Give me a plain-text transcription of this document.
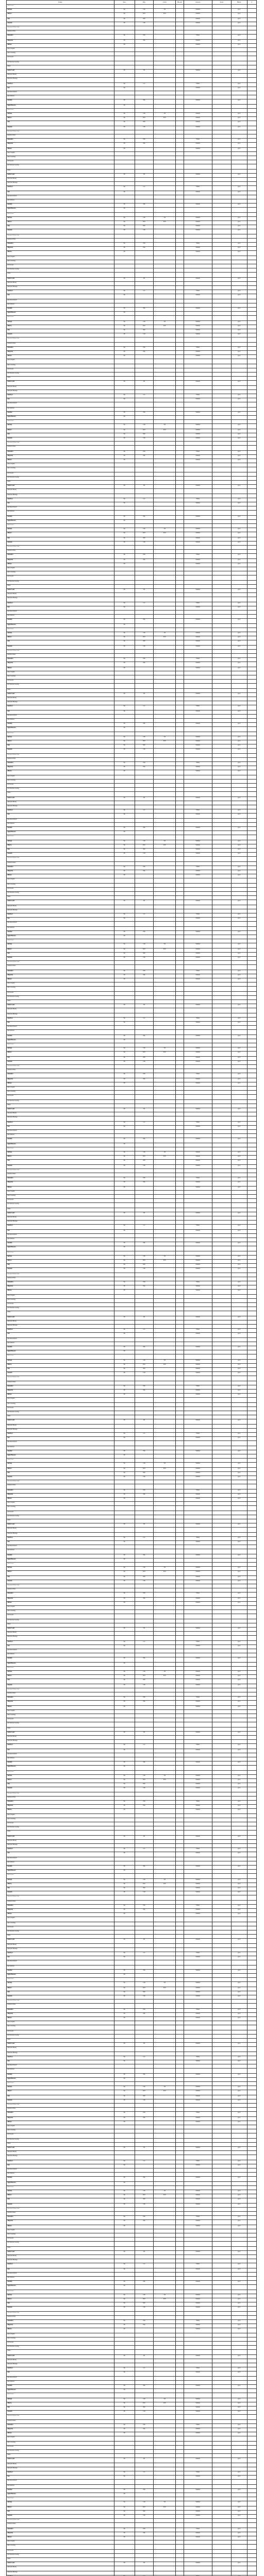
Name	Size	Hgt	Color	Bloom	Season	Zone	Hardy	#
Abbie Forest								
Adriana	Sm	Crm	Yel		Summer		good	
Alberta	Sm	Ptch	Ptch		Summer		good	
Alex	Sm	Mrn			Summer		good	
Amanda	Ml	Crm			Summer		good	
Alexander Wallace Seed								
Alabama Wmel								
Alexandra	Sm	Wht			Winter		good	
Allegretta	Ml	Pnk			Summer		good	
Alliston	Ml				Summer		good	
Alice Chaplin								
Alice Greening								
All Seasons								
All Varieties Growing								
Allure								
Amber Gold	Ml	Yel			Summer		good	
American Beauty								
American Heritage								
Amethyst	Sm	Lav			Winter		good	
Ann	Sm				Summer		good	
Ann Dean Nuttall								
Ann Sullivan								
Annabel	Ml	Pnk			Summer		good	
Apple Blossom	Ml							
Abbie Forest								
Adriana	Sm	Crm	Yel		Summer		good	
Alberta	Sm	Ptch	Ptch		Summer		good	
Alex	Sm	Mrn			Summer		good	
Amanda	Ml	Crm			Summer		good	
Alexander Wallace Seed								
Alabama Wmel								
Alexandra	Sm	Wht			Winter		good	
Allegretta	Ml	Pnk			Summer		good	
Alliston	Ml				Summer		good	
Alice Chaplin								
Alice Greening								
All Seasons								
All Varieties Growing								
Allure								
Amber Gold	Ml	Yel			Summer		good	
American Beauty								
American Heritage								
Amethyst	Sm	Lav			Winter		good	
Ann	Sm				Summer		good	
Ann Dean Nuttall								
Ann Sullivan								
Annabel	Ml	Pnk			Summer		good	
Apple Blossom	Ml							
Abbie Forest								
Adriana	Sm	Crm	Yel		Summer		good	
Alberta	Sm	Ptch	Ptch		Summer		good	
Alex	Sm	Mrn			Summer		good	
Amanda	Ml	Crm			Summer		good	
Alexander Wallace Seed								
Alabama Wmel								
Alexandra	Sm	Wht			Winter		good	
Allegretta	Ml	Pnk			Summer		good	
Alliston	Ml				Summer		good	
Alice Chaplin								
Alice Greening								
All Seasons								
All Varieties Growing								
Allure								
Amber Gold	Ml	Yel			Summer		good	
American Beauty								
American Heritage								
Amethyst	Sm	Lav			Winter		good	
Ann	Sm				Summer		good	
Ann Dean Nuttall								
Ann Sullivan								
Annabel	Ml	Pnk			Summer		good	
Apple Blossom	Ml							
Abbie Forest								
Adriana	Sm	Crm	Yel		Summer		good	
Alberta	Sm	Ptch	Ptch		Summer		good	
Alex	Sm	Mrn			Summer		good	
Amanda	Ml	Crm			Summer		good	
Alexander Wallace Seed								
Alabama Wmel								
Alexandra	Sm	Wht			Winter		good	
Allegretta	Ml	Pnk			Summer		good	
Alliston	Ml				Summer		good	
Alice Chaplin								
Alice Greening								
All Seasons								
All Varieties Growing								
Allure								
Amber Gold	Ml	Yel			Summer		good	
American Beauty								
American Heritage								
Amethyst	Sm	Lav			Winter		good	
Ann	Sm				Summer		good	
Ann Dean Nuttall								
Ann Sullivan								
Annabel	Ml	Pnk			Summer		good	
Apple Blossom	Ml							
Abbie Forest								
Adriana	Sm	Crm	Yel		Summer		good	
Alberta	Sm	Ptch	Ptch		Summer		good	
Alex	Sm	Mrn			Summer		good	
Amanda	Ml	Crm			Summer		good	
Alexander Wallace Seed								
Alabama Wmel								
Alexandra	Sm	Wht			Winter		good	
Allegretta	Ml	Pnk			Summer		good	
Alliston	Ml				Summer		good	
Alice Chaplin								
Alice Greening								
All Seasons								
All Varieties Growing								
Allure								
Amber Gold	Ml	Yel			Summer		good	
American Beauty								
American Heritage								
Amethyst	Sm	Lav			Winter		good	
Ann	Sm				Summer		good	
Ann Dean Nuttall								
Ann Sullivan								
Annabel	Ml	Pnk			Summer		good	
Apple Blossom	Ml							
Abbie Forest								
Adriana	Sm	Crm	Yel		Summer		good	
Alberta	Sm	Ptch	Ptch		Summer		good	
Alex	Sm	Mrn			Summer		good	
Amanda	Ml	Crm			Summer		good	
Alexander Wallace Seed								
Alabama Wmel								
Alexandra	Sm	Wht			Winter		good	
Allegretta	Ml	Pnk			Summer		good	
Alliston	Ml				Summer		good	
Alice Chaplin								
Alice Greening								
All Seasons								
All Varieties Growing								
Allure								
Amber Gold	Ml	Yel			Summer		good	
American Beauty								
American Heritage								
Amethyst	Sm	Lav			Winter		good	
Ann	Sm				Summer		good	
Ann Dean Nuttall								
Ann Sullivan								
Annabel	Ml	Pnk			Summer		good	
Apple Blossom	Ml							
Abbie Forest								
Adriana	Sm	Crm	Yel		Summer		good	
Alberta	Sm	Ptch	Ptch		Summer		good	
Alex	Sm	Mrn			Summer		good	
Amanda	Ml	Crm			Summer		good	
Alexander Wallace Seed								
Alabama Wmel								
Alexandra	Sm	Wht			Winter		good	
Allegretta	Ml	Pnk			Summer		good	
Alliston	Ml				Summer		good	
Alice Chaplin								
Alice Greening								
All Seasons								
All Varieties Growing								
Allure								
Amber Gold	Ml	Yel			Summer		good	
American Beauty								
American Heritage								
Amethyst	Sm	Lav			Winter		good	
Ann	Sm				Summer		good	
Ann Dean Nuttall								
Ann Sullivan								
Annabel	Ml	Pnk			Summer		good	
Apple Blossom	Ml							
Abbie Forest								
Adriana	Sm	Crm	Yel		Summer		good	
Alberta	Sm	Ptch	Ptch		Summer		good	
Alex	Sm	Mrn			Summer		good	
Amanda	Ml	Crm			Summer		good	
Alexander Wallace Seed								
Alabama Wmel								
Alexandra	Sm	Wht			Winter		good	
Allegretta	Ml	Pnk			Summer		good	
Alliston	Ml				Summer		good	
Alice Chaplin								
Alice Greening								
All Seasons								
All Varieties Growing								
Allure								
Amber Gold	Ml	Yel			Summer		good	
American Beauty								
American Heritage								
Amethyst	Sm	Lav			Winter		good	
Ann	Sm				Summer		good	
Ann Dean Nuttall								
Ann Sullivan								
Annabel	Ml	Pnk			Summer		good	
Apple Blossom	Ml							
Abbie Forest								
Adriana	Sm	Crm	Yel		Summer		good	
Alberta	Sm	Ptch	Ptch		Summer		good	
Alex	Sm	Mrn			Summer		good	
Amanda	Ml	Crm			Summer		good	
Alexander Wallace Seed								
Alabama Wmel								
Alexandra	Sm	Wht			Winter		good	
Allegretta	Ml	Pnk			Summer		good	
Alliston	Ml				Summer		good	
Alice Chaplin								
Alice Greening								
All Seasons								
All Varieties Growing								
Allure								
Amber Gold	Ml	Yel			Summer		good	
American Beauty								
American Heritage								
Amethyst	Sm	Lav			Winter		good	
Ann	Sm				Summer		good	
Ann Dean Nuttall								
Ann Sullivan								
Annabel	Ml	Pnk			Summer		good	
Apple Blossom	Ml							
Abbie Forest								
Adriana	Sm	Crm	Yel		Summer		good	
Alberta	Sm	Ptch	Ptch		Summer		good	
Alex	Sm	Mrn			Summer		good	
Amanda	Ml	Crm			Summer		good	
Alexander Wallace Seed								
Alabama Wmel								
Alexandra	Sm	Wht			Winter		good	
Allegretta	Ml	Pnk			Summer		good	
Alliston	Ml				Summer		good	
Alice Chaplin								
Alice Greening								
All Seasons								
All Varieties Growing								
Allure								
Amber Gold	Ml	Yel			Summer		good	
American Beauty								
American Heritage								
Amethyst	Sm	Lav			Winter		good	
Ann	Sm				Summer		good	
Ann Dean Nuttall								
Ann Sullivan								
Annabel	Ml	Pnk			Summer		good	
Apple Blossom	Ml							
Abbie Forest								
Adriana	Sm	Crm	Yel		Summer		good	
Alberta	Sm	Ptch	Ptch		Summer		good	
Alex	Sm	Mrn			Summer		good	
Amanda	Ml	Crm			Summer		good	
Alexander Wallace Seed								
Alabama Wmel								
Alexandra	Sm	Wht			Winter		good	
Allegretta	Ml	Pnk			Summer		good	
Alliston	Ml				Summer		good	
Alice Chaplin								
Alice Greening								
All Seasons								
All Varieties Growing								
Allure								
Amber Gold	Ml	Yel			Summer		good	
American Beauty								
American Heritage								
Amethyst	Sm	Lav			Winter		good	
Ann	Sm				Summer		good	
Ann Dean Nuttall								
Ann Sullivan								
Annabel	Ml	Pnk			Summer		good	
Apple Blossom	Ml							
Abbie Forest								
Adriana	Sm	Crm	Yel		Summer		good	
Alberta	Sm	Ptch	Ptch		Summer		good	
Alex	Sm	Mrn			Summer		good	
Amanda	Ml	Crm			Summer		good	
Alexander Wallace Seed								
Alabama Wmel								
Alexandra	Sm	Wht			Winter		good	
Allegretta	Ml	Pnk			Summer		good	
Alliston	Ml				Summer		good	
Alice Chaplin								
Alice Greening								
All Seasons								
All Varieties Growing								
Allure								
Amber Gold	Ml	Yel			Summer		good	
American Beauty								
American Heritage								
Amethyst	Sm	Lav			Winter		good	
Ann	Sm				Summer		good	
Ann Dean Nuttall								
Ann Sullivan								
Annabel	Ml	Pnk			Summer		good	
Apple Blossom	Ml							
Abbie Forest								
Adriana	Sm	Crm	Yel		Summer		good	
Alberta	Sm	Ptch	Ptch		Summer		good	
Alex	Sm	Mrn			Summer		good	
Amanda	Ml	Crm			Summer		good	
Alexander Wallace Seed								
Alabama Wmel								
Alexandra	Sm	Wht			Winter		good	
Allegretta	Ml	Pnk			Summer		good	
Alliston	Ml				Summer		good	
Alice Chaplin								
Alice Greening								
All Seasons								
All Varieties Growing								
Allure								
Amber Gold	Ml	Yel			Summer		good	
American Beauty								
American Heritage								
Amethyst	Sm	Lav			Winter		good	
Ann	Sm				Summer		good	
Ann Dean Nuttall								
Ann Sullivan								
Annabel	Ml	Pnk			Summer		good	
Apple Blossom	Ml							
Abbie Forest								
Adriana	Sm	Crm	Yel		Summer		good	
Alberta	Sm	Ptch	Ptch		Summer		good	
Alex	Sm	Mrn			Summer		good	
Amanda	Ml	Crm			Summer		good	
Alexander Wallace Seed								
Alabama Wmel								
Alexandra	Sm	Wht			Winter		good	
Allegretta	Ml	Pnk			Summer		good	
Alliston	Ml				Summer		good	
Alice Chaplin								
Alice Greening								
All Seasons								
All Varieties Growing								
Allure								
Amber Gold	Ml	Yel			Summer		good	
American Beauty								
American Heritage								
Amethyst	Sm	Lav			Winter		good	
Ann	Sm				Summer		good	
Ann Dean Nuttall								
Ann Sullivan								
Annabel	Ml	Pnk			Summer		good	
Apple Blossom	Ml							
Abbie Forest								
Adriana	Sm	Crm	Yel		Summer		good	
Alberta	Sm	Ptch	Ptch		Summer		good	
Alex	Sm	Mrn			Summer		good	
Amanda	Ml	Crm			Summer		good	
Alexander Wallace Seed								
Alabama Wmel								
Alexandra	Sm	Wht			Winter		good	
Allegretta	Ml	Pnk			Summer		good	
Alliston	Ml				Summer		good	
Alice Chaplin								
Alice Greening								
All Seasons								
All Varieties Growing								
Allure								
Amber Gold	Ml	Yel			Summer		good	
American Beauty								
American Heritage								
Amethyst	Sm	Lav			Winter		good	
Ann	Sm				Summer		good	
Ann Dean Nuttall								
Ann Sullivan								
Annabel	Ml	Pnk			Summer		good	
Apple Blossom	Ml							
Abbie Forest								
Adriana	Sm	Crm	Yel		Summer		good	
Alberta	Sm	Ptch	Ptch		Summer		good	
Alex	Sm	Mrn			Summer		good	
Amanda	Ml	Crm			Summer		good	
Alexander Wallace Seed								
Alabama Wmel								
Alexandra	Sm	Wht			Winter		good	
Allegretta	Ml	Pnk			Summer		good	
Alliston	Ml				Summer		good	
Alice Chaplin								
Alice Greening								
All Seasons								
All Varieties Growing								
Allure								
Amber Gold	Ml	Yel			Summer		good	
American Beauty								
American Heritage								
Amethyst	Sm	Lav			Winter		good	
Ann	Sm				Summer		good	
Ann Dean Nuttall								
Ann Sullivan								
Annabel	Ml	Pnk			Summer		good	
Apple Blossom	Ml							
Abbie Forest								
Adriana	Sm	Crm	Yel		Summer		good	
Alberta	Sm	Ptch	Ptch		Summer		good	
Alex	Sm	Mrn			Summer		good	
Amanda	Ml	Crm			Summer		good	
Alexander Wallace Seed								
Alabama Wmel								
Alexandra	Sm	Wht			Winter		good	
Allegretta	Ml	Pnk			Summer		good	
Alliston	Ml				Summer		good	
Alice Chaplin								
Alice Greening								
All Seasons								
All Varieties Growing								
Allure								
Amber Gold	Ml	Yel			Summer		good	
American Beauty								
American Heritage								
Amethyst	Sm	Lav			Winter		good	
Ann	Sm				Summer		good	
Ann Dean Nuttall								
Ann Sullivan								
Annabel	Ml	Pnk			Summer		good	
Apple Blossom	Ml							
Abbie Forest								
Adriana	Sm	Crm	Yel		Summer		good	
Alberta	Sm	Ptch	Ptch		Summer		good	
Alex	Sm	Mrn			Summer		good	
Amanda	Ml	Crm			Summer		good	
Alexander Wallace Seed								
Alabama Wmel								
Alexandra	Sm	Wht			Winter		good	
Allegretta	Ml	Pnk			Summer		good	
Alliston	Ml				Summer		good	
Alice Chaplin								
Alice Greening								
All Seasons								
All Varieties Growing								
Allure								
Amber Gold	Ml	Yel			Summer		good	
American Beauty								
American Heritage								
Amethyst	Sm	Lav			Winter		good	
Ann	Sm				Summer		good	
Ann Dean Nuttall								
Ann Sullivan								
Annabel	Ml	Pnk			Summer		good	
Apple Blossom	Ml							
Abbie Forest								
Adriana	Sm	Crm	Yel		Summer		good	
Alberta	Sm	Ptch	Ptch		Summer		good	
Alex	Sm	Mrn			Summer		good	
Amanda	Ml	Crm			Summer		good	
Alexander Wallace Seed								
Alabama Wmel								
Alexandra	Sm	Wht			Winter		good	
Allegretta	Ml	Pnk			Summer		good	
Alliston	Ml				Summer		good	
Alice Chaplin								
Alice Greening								
All Seasons								
All Varieties Growing								
Allure								
Amber Gold	Ml	Yel			Summer		good	
American Beauty								
American Heritage								
Amethyst	Sm	Lav			Winter		good	
Ann	Sm				Summer		good	
Ann Dean Nuttall								
Ann Sullivan								
Annabel	Ml	Pnk			Summer		good	
Apple Blossom	Ml							
Abbie Forest								
Adriana	Sm	Crm	Yel		Summer		good	
Alberta	Sm	Ptch	Ptch		Summer		good	
Alex	Sm	Mrn			Summer		good	
Amanda	Ml	Crm			Summer		good	
Alexander Wallace Seed								
Alabama Wmel								
Alexandra	Sm	Wht			Winter		good	
Allegretta	Ml	Pnk			Summer		good	
Alliston	Ml				Summer		good	
Alice Chaplin								
Alice Greening								
All Seasons								
All Varieties Growing								
Allure								
Amber Gold	Ml	Yel			Summer		good	
American Beauty								
American Heritage								
Amethyst	Sm	Lav			Winter		good	
Ann	Sm				Summer		good	
Ann Dean Nuttall								
Ann Sullivan								
Annabel	Ml	Pnk			Summer		good	
Apple Blossom	Ml							
Abbie Forest								
Adriana	Sm	Crm	Yel		Summer		good	
Alberta	Sm	Ptch	Ptch		Summer		good	
Alex	Sm	Mrn			Summer		good	
Amanda	Ml	Crm			Summer		good	
Alexander Wallace Seed								
Alabama Wmel								
Alexandra	Sm	Wht			Winter		good	
Allegretta	Ml	Pnk			Summer		good	
Alliston	Ml				Summer		good	
Alice Chaplin								
Alice Greening								
All Seasons								
All Varieties Growing								
Allure								
Amber Gold	Ml	Yel			Summer		good	
American Beauty								
American Heritage								
Amethyst	Sm	Lav			Winter		good	
Ann	Sm				Summer		good	
Ann Dean Nuttall								
Ann Sullivan								
Annabel	Ml	Pnk			Summer		good	
Apple Blossom	Ml							
Abbie Forest								
Adriana	Sm	Crm	Yel		Summer		good	
Alberta	Sm	Ptch	Ptch		Summer		good	
Alex	Sm	Mrn			Summer		good	
Amanda	Ml	Crm			Summer		good	
Alexander Wallace Seed								
Alabama Wmel								
Alexandra	Sm	Wht			Winter		good	
Allegretta	Ml	Pnk			Summer		good	
Alliston	Ml				Summer		good	
Alice Chaplin								
Alice Greening								
All Seasons								
All Varieties Growing								
Allure								
Amber Gold	Ml	Yel			Summer		good	
American Beauty								
American Heritage								
Amethyst	Sm	Lav			Winter		good	
Ann	Sm				Summer		good	
Ann Dean Nuttall								
Ann Sullivan								
Annabel	Ml	Pnk			Summer		good	
Apple Blossom	Ml							
Abbie Forest								
Adriana	Sm	Crm	Yel		Summer		good	
Alberta	Sm	Ptch	Ptch		Summer		good	
Alex	Sm	Mrn			Summer		good	
Amanda	Ml	Crm			Summer		good	
Alexander Wallace Seed								
Alabama Wmel								
Alexandra	Sm	Wht			Winter		good	
Allegretta	Ml	Pnk			Summer		good	
Alliston	Ml				Summer		good	
Alice Chaplin								
Alice Greening								
All Seasons								
All Varieties Growing								
Allure								
Amber Gold	Ml	Yel			Summer		good	
American Beauty								
American Heritage								
Amethyst	Sm	Lav			Winter		good	
Ann	Sm				Summer		good	
Ann Dean Nuttall								
Ann Sullivan								
Annabel	Ml	Pnk			Summer		good	
Apple Blossom	Ml							
Abbie Forest								
Adriana	Sm	Crm	Yel		Summer		good	
Alberta	Sm	Ptch	Ptch		Summer		good	
Alex	Sm	Mrn			Summer		good	
Amanda	Ml	Crm			Summer		good	
Alexander Wallace Seed								
Alabama Wmel								
Alexandra	Sm	Wht			Winter		good	
Allegretta	Ml	Pnk			Summer		good	
Alliston	Ml				Summer		good	
Alice Chaplin								
Alice Greening								
All Seasons								
All Varieties Growing								
Allure								
Amber Gold	Ml	Yel			Summer		good	
American Beauty								
American Heritage								
Amethyst	Sm	Lav			Winter		good	
Ann	Sm				Summer		good	
Ann Dean Nuttall								
Ann Sullivan								
Annabel	Ml	Pnk			Summer		good	
Apple Blossom	Ml							
Abbie Forest								
Adriana	Sm	Crm	Yel		Summer		good	
Alberta	Sm	Ptch	Ptch		Summer		good	
Alex	Sm	Mrn			Summer		good	
Amanda	Ml	Crm			Summer		good	
Alexander Wallace Seed								
Alabama Wmel								
Alexandra	Sm	Wht			Winter		good	
Allegretta	Ml	Pnk			Summer		good	
Alliston	Ml				Summer		good	
Alice Chaplin								
Alice Greening								
All Seasons								
All Varieties Growing								
Allure								
Amber Gold	Ml	Yel			Summer		good	
American Beauty								
American Heritage								
